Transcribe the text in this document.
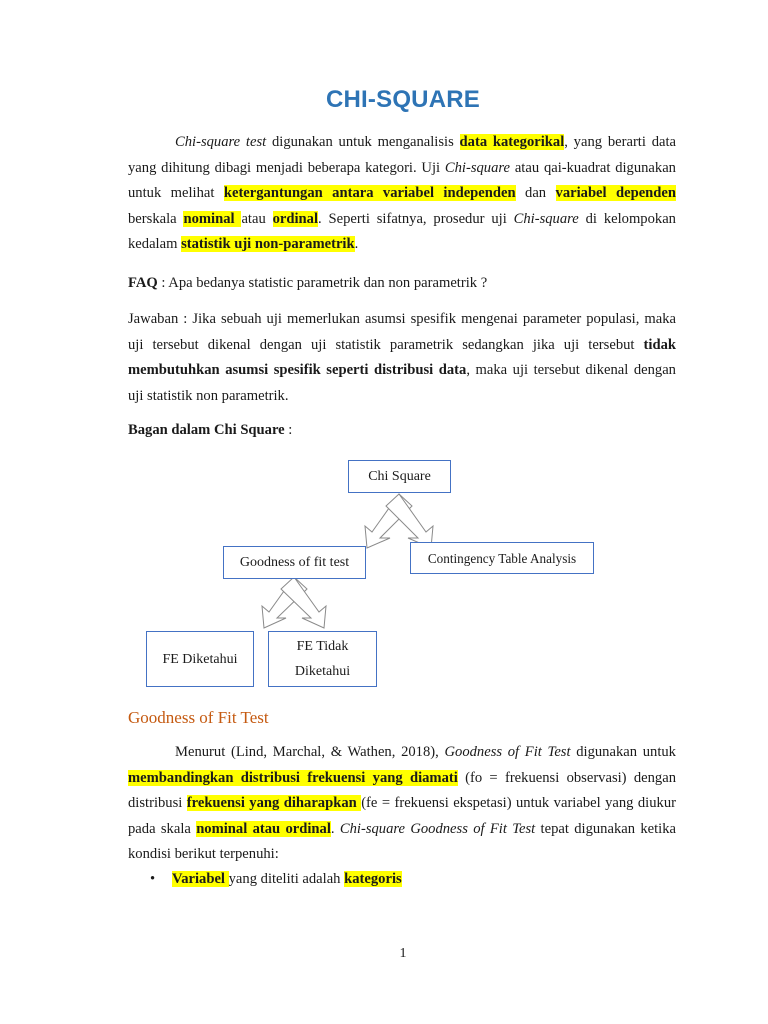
CHI-SQUARE

Chi-square test digunakan untuk menganalisis data kategorikal, yang berarti data yang dihitung dibagi menjadi beberapa kategori. Uji Chi-square atau qai-kuadrat digunakan untuk melihat ketergantungan antara variabel independen dan variabel dependen berskala nominal atau ordinal. Seperti sifatnya, prosedur uji Chi-square di kelompokan kedalam statistik uji non-parametrik.

FAQ : Apa bedanya statistic parametrik dan non parametrik ?

Jawaban : Jika sebuah uji memerlukan asumsi spesifik mengenai parameter populasi, maka uji tersebut dikenal dengan uji statistik parametrik sedangkan jika uji tersebut tidak membutuhkan asumsi spesifik seperti distribusi data, maka uji tersebut dikenal dengan uji statistik non parametrik.

Bagan dalam Chi Square :
Chi Square
Goodness of fit test	Contingency Table Analysis
FE Diketahui
FE Tidak
Diketahui
Goodness of Fit Test

Menurut (Lind, Marchal, & Wathen, 2018), Goodness of Fit Test digunakan untuk membandingkan distribusi frekuensi yang diamati (fo = frekuensi observasi) dengan distribusi frekuensi yang diharapkan (fe = frekuensi ekspetasi) untuk variabel yang diukur pada skala nominal atau ordinal. Chi-square Goodness of Fit Test tepat digunakan ketika kondisi berikut terpenuhi:

• Variabel yang diteliti adalah kategoris
1
